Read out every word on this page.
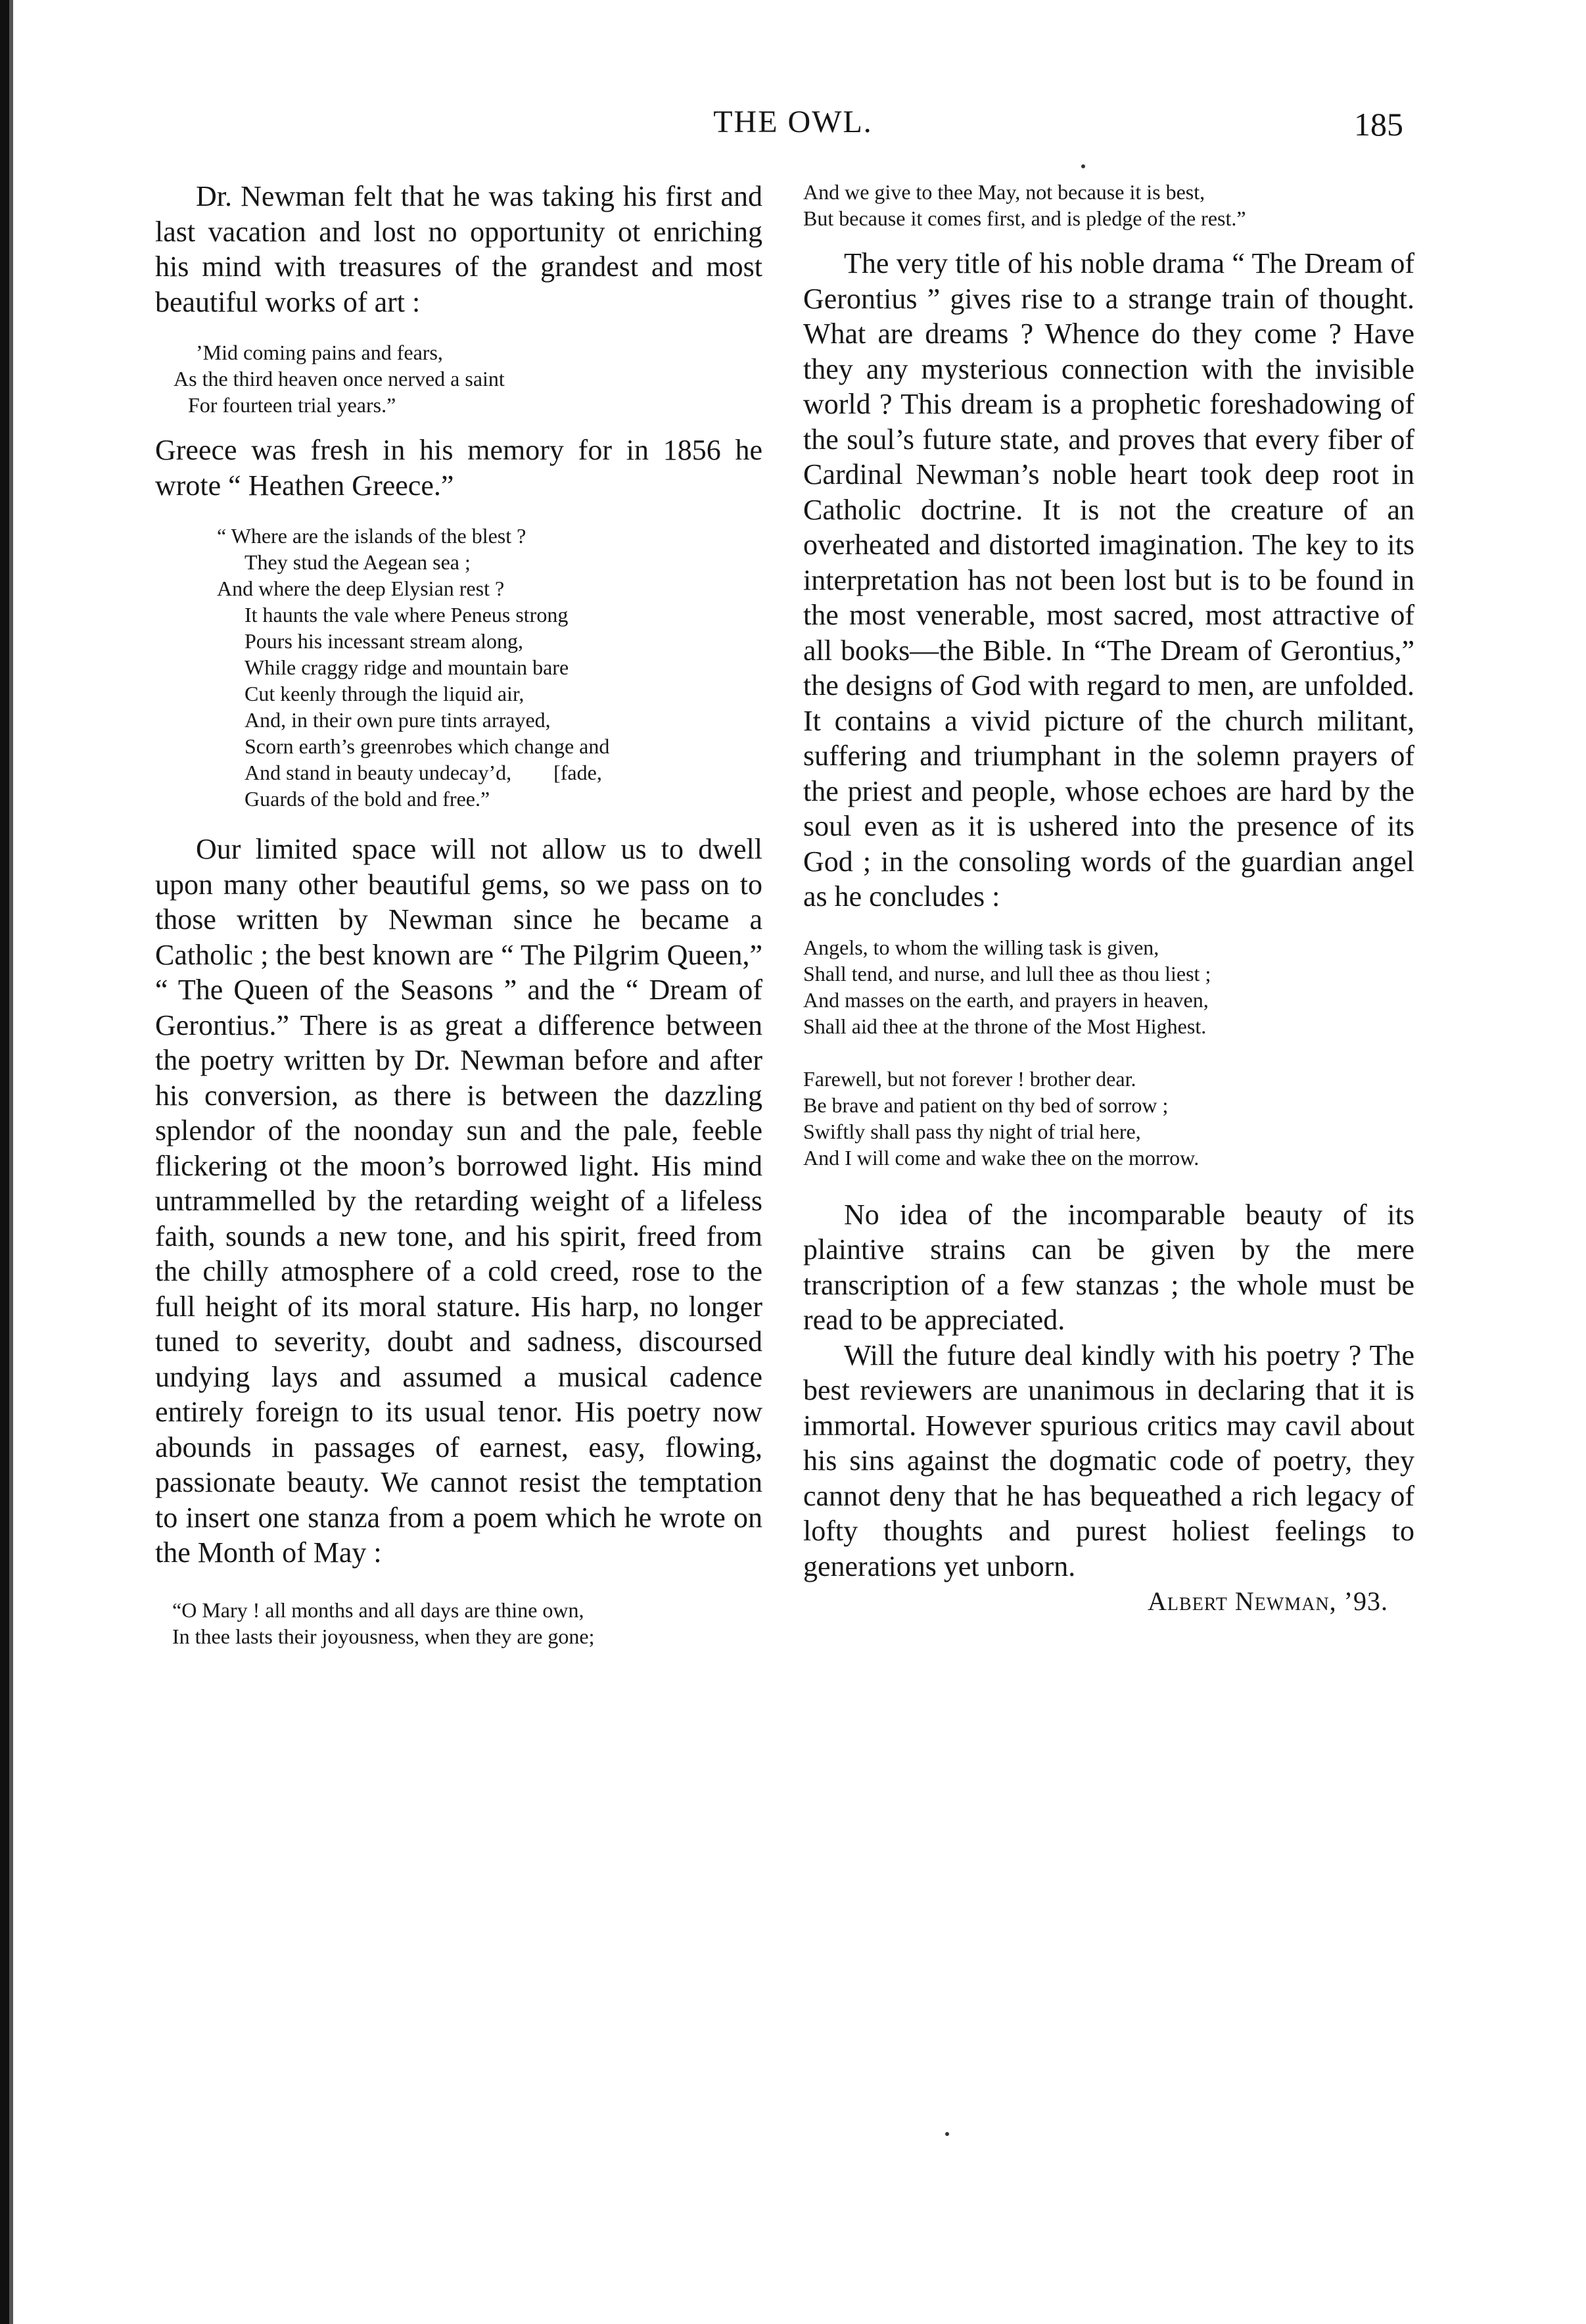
THE OWL.	185

Dr. Newman felt that he was taking his first and last vacation and lost no opportunity ot enriching his mind with treasures of the grandest and most beautiful works of art :

’Mid coming pains and fears,
As the third heaven once nerved a saint
For fourteen trial years.”

Greece was fresh in his memory for in 1856 he wrote “ Heathen Greece.”

“ Where are the islands of the blest ?
They stud the Aegean sea ;
And where the deep Elysian rest ?
It haunts the vale where Peneus strong
Pours his incessant stream along,
While craggy ridge and mountain bare
Cut keenly through the liquid air,
And, in their own pure tints arrayed,
Scorn earth’s greenrobes which change and
And stand in beauty undecay’d,        [fade,
Guards of the bold and free.”

Our limited space will not allow us to dwell upon many other beautiful gems, so we pass on to those written by Newman since he became a Catholic ; the best known are “ The Pilgrim Queen,” “ The Queen of the Seasons ” and the “ Dream of Gerontius.” There is as great a difference between the poetry written by Dr. Newman before and after his conversion, as there is between the dazzling splendor of the noonday sun and the pale, feeble flickering ot the moon’s borrowed light. His mind untrammelled by the retarding weight of a lifeless faith, sounds a new tone, and his spirit, freed from the chilly atmosphere of a cold creed, rose to the full height of its moral stature. His harp, no longer tuned to severity, doubt and sadness, discoursed undying lays and assumed a musical cadence entirely foreign to its usual tenor. His poetry now abounds in passages of earnest, easy, flowing, passionate beauty. We cannot resist the temptation to insert one stanza from a poem which he wrote on the Month of May :

“O Mary ! all months and all days are thine own,
In thee lasts their joyousness, when they are gone;
And we give to thee May, not because it is best,
But because it comes first, and is pledge of the rest.”

The very title of his noble drama “ The Dream of Gerontius ” gives rise to a strange train of thought. What are dreams ? Whence do they come ? Have they any mysterious connection with the invisible world ? This dream is a prophetic foreshadowing of the soul’s future state, and proves that every fiber of Cardinal Newman’s noble heart took deep root in Catholic doctrine. It is not the creature of an overheated and distorted imagination. The key to its interpretation has not been lost but is to be found in the most venerable, most sacred, most attractive of all books—the Bible. In “The Dream of Gerontius,” the designs of God with regard to men, are unfolded. It contains a vivid picture of the church militant, suffering and triumphant in the solemn prayers of the priest and people, whose echoes are hard by the soul even as it is ushered into the presence of its God ; in the consoling words of the guardian angel as he concludes :

Angels, to whom the willing task is given,
Shall tend, and nurse, and lull thee as thou liest ;
And masses on the earth, and prayers in heaven,
Shall aid thee at the throne of the Most Highest.
Farewell, but not forever ! brother dear.
Be brave and patient on thy bed of sorrow ;
Swiftly shall pass thy night of trial here,
And I will come and wake thee on the morrow.

No idea of the incomparable beauty of its plaintive strains can be given by the mere transcription of a few stanzas ; the whole must be read to be appreciated.

Will the future deal kindly with his poetry ? The best reviewers are unanimous in declaring that it is immortal. However spurious critics may cavil about his sins against the dogmatic code of poetry, they cannot deny that he has bequeathed a rich legacy of lofty thoughts and purest holiest feelings to generations yet unborn.

Albert Newman, ’93.
